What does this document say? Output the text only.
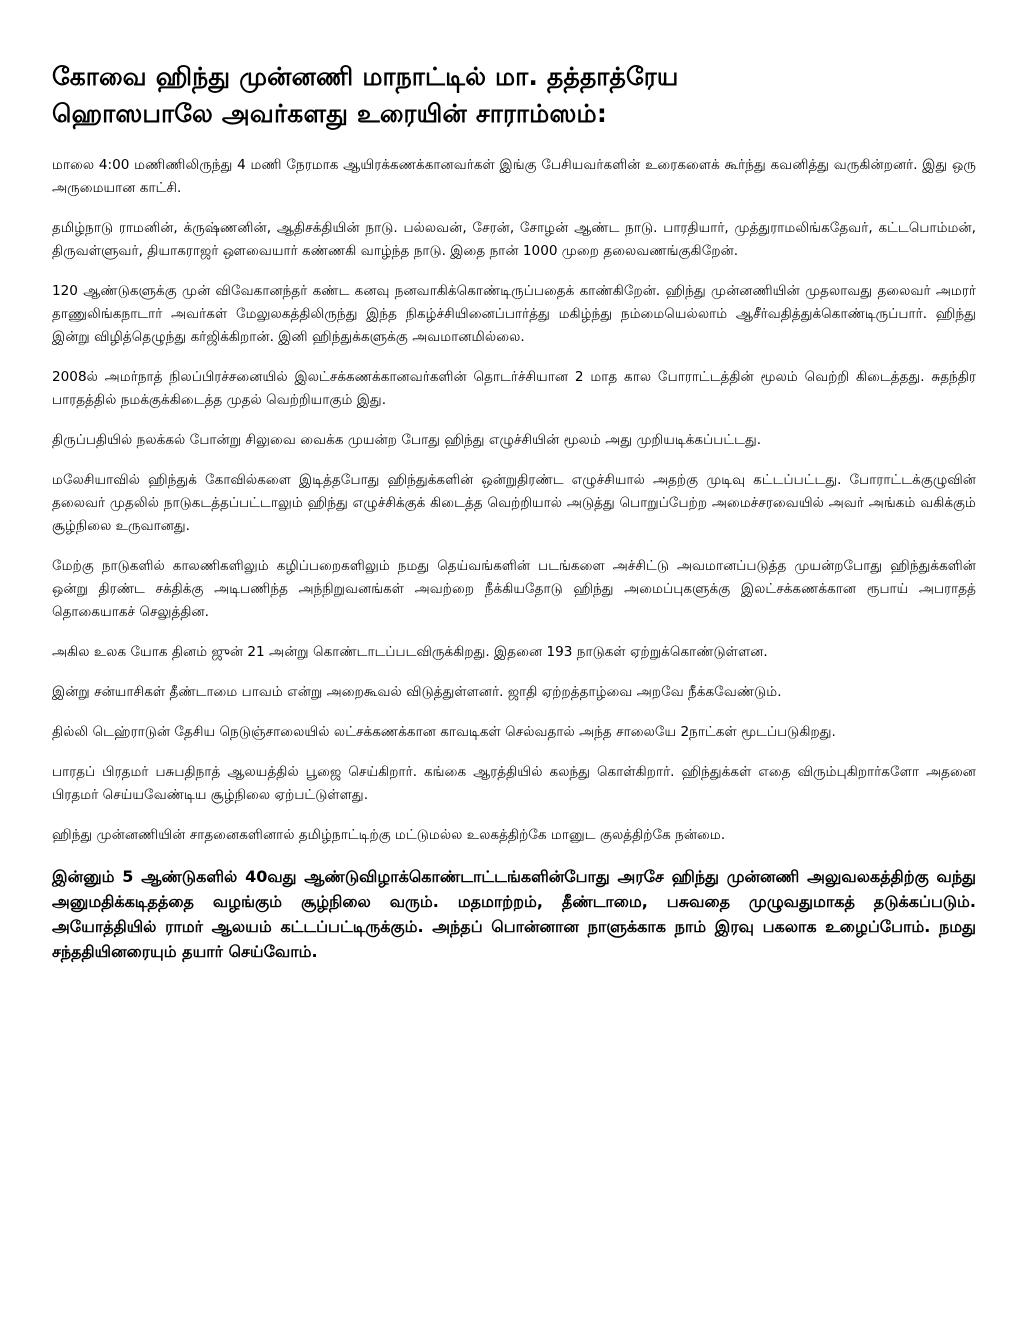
கோவை ஹிந்து முன்னணி மாநாட்டில் மா. தத்தாத்ரேய
ஹொஸபாலே அவர்களது உரையின் சாராம்ஸம்:

மாலை 4:00 மணிணிலிருந்து 4 மணி நேரமாக ஆயிரக்கணக்கானவர்கள் இங்கு பேசியவர்களின் உரைகளைக் கூர்ந்து கவனித்து வருகின்றனர். இது ஒரு அருமையான காட்சி.

தமிழ்நாடு ராமனின், க்ருஷ்ணனின், ஆதிசக்தியின் நாடு. பல்லவன், சேரன், சோழன் ஆண்ட நாடு. பாரதியார், முத்துராமலிங்கதேவர், கட்டபொம்மன், திருவள்ளுவர், தியாகராஜர் ஔவையார் கண்ணகி வாழ்ந்த நாடு. இதை நான் 1000 முறை தலைவணங்குகிறேன்.

120 ஆண்டுகளுக்கு முன் விவேகானந்தர் கண்ட கனவு நனவாகிக்கொண்டிருப்பதைக் காண்கிறேன். ஹிந்து முன்னணியின் முதலாவது தலைவர் அமரர் தாணுலிங்கநாடார் அவர்கள் மேலுலகத்திலிருந்து இந்த நிகழ்ச்சியினைப்பார்த்து மகிழ்ந்து நம்மையெல்லாம் ஆசீர்வதித்துக்கொண்டிருப்பார். ஹிந்து இன்று விழித்தெழுந்து கர்ஜிக்கிறான். இனி ஹிந்துக்களுக்கு அவமானமில்லை.

2008ல் அமர்நாத் நிலப்பிரச்சனையில் இலட்சக்கணக்கானவர்களின் தொடர்ச்சியான 2 மாத கால போராட்டத்தின் மூலம் வெற்றி கிடைத்தது. சுதந்திர பாரதத்தில் நமக்குக்கிடைத்த முதல் வெற்றியாகும் இது.

திருப்பதியில் நலக்கல் போன்று சிலுவை வைக்க முயன்ற போது ஹிந்து எழுச்சியின் மூலம் அது முறியடிக்கப்பட்டது.

மலேசியாவில் ஹிந்துக் கோவில்களை இடித்தபோது ஹிந்துக்களின் ஒன்றுதிரண்ட எழுச்சியால் அதற்கு முடிவு கட்டப்பட்டது. போராட்டக்குழுவின் தலைவர் முதலில் நாடுகடத்தப்பட்டாலும் ஹிந்து எழுச்சிக்குக் கிடைத்த வெற்றியால் அடுத்து பொறுப்பேற்ற அமைச்சரவையில் அவர் அங்கம் வகிக்கும் சூழ்நிலை உருவானது.

மேற்கு நாடுகளில் காலணிகளிலும் கழிப்பறைகளிலும் நமது தெய்வங்களின் படங்களை அச்சிட்டு அவமானப்படுத்த முயன்றபோது ஹிந்துக்களின் ஒன்று திரண்ட சக்திக்கு அடிபணிந்த அந்நிறுவனங்கள் அவற்றை நீக்கியதோடு ஹிந்து அமைப்புகளுக்கு இலட்சக்கணக்கான ரூபாய் அபராதத் தொகையாகச் செலுத்தின.

அகில உலக யோக தினம் ஜுன் 21 அன்று கொண்டாடப்படவிருக்கிறது. இதனை 193 நாடுகள் ஏற்றுக்கொண்டுள்ளன.

இன்று சன்யாசிகள் தீண்டாமை பாவம் என்று அறைகூவல் விடுத்துள்ளனர். ஜாதி ஏற்றத்தாழ்வை அறவே நீக்கவேண்டும்.

தில்லி டெஹ்ராடுன் தேசிய நெடுஞ்சாலையில் லட்சக்கணக்கான காவடிகள் செல்வதால் அந்த சாலையே 2நாட்கள் மூடப்படுகிறது.

பாரதப் பிரதமர் பசுபதிநாத் ஆலயத்தில் பூஜை செய்கிறார். கங்கை ஆரத்தியில் கலந்து கொள்கிறார். ஹிந்துக்கள் எதை விரும்புகிறார்களோ அதனை பிரதமர் செய்யவேண்டிய சூழ்நிலை ஏற்பட்டுள்ளது.

ஹிந்து முன்னணியின் சாதனைகளினால் தமிழ்நாட்டிற்கு மட்டுமல்ல உலகத்திற்கே மானுட குலத்திற்கே நன்மை.

இன்னும் 5 ஆண்டுகளில் 40வது ஆண்டுவிழாக்கொண்டாட்டங்களின்போது அரசே ஹிந்து முன்னணி அலுவலகத்திற்கு வந்து அனுமதிக்கடிதத்தை வழங்கும் சூழ்நிலை வரும். மதமாற்றம், தீண்டாமை, பசுவதை முழுவதுமாகத் தடுக்கப்படும். அயோத்தியில் ராமர் ஆலயம் கட்டப்பட்டிருக்கும். அந்தப் பொன்னான நாளுக்காக நாம் இரவு பகலாக உழைப்போம். நமது சந்ததியினரையும் தயார் செய்வோம்.
